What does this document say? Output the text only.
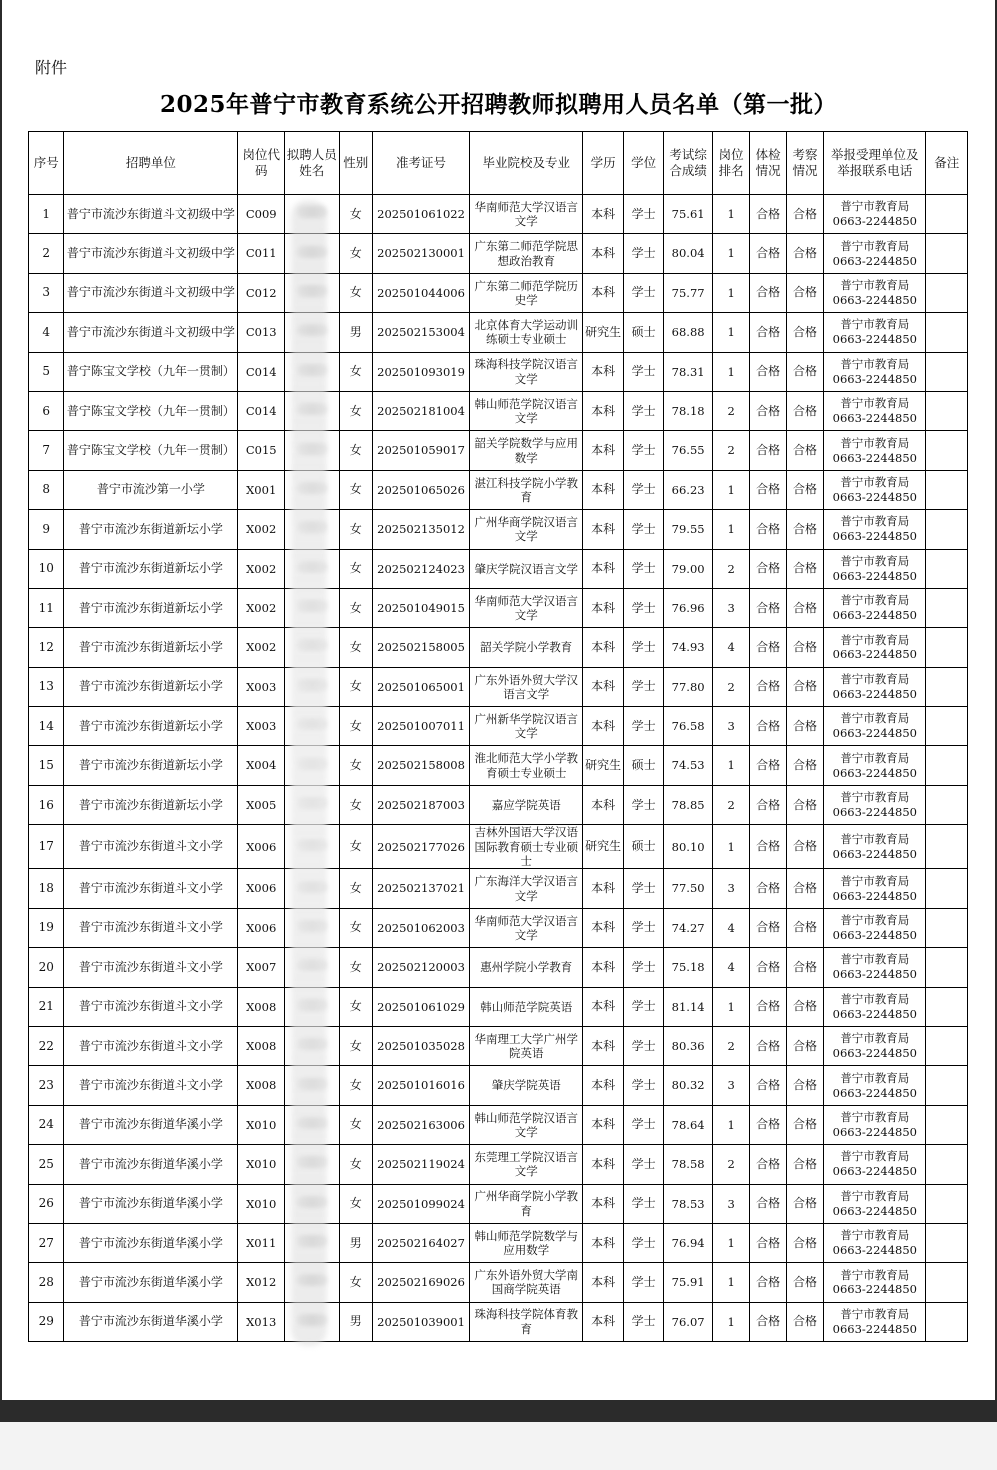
附件
2025年普宁市教育系统公开招聘教师拟聘用人员名单（第一批）
序号	招聘单位	岗位代码	拟聘人员姓名	性别	准考证号	毕业院校及专业	学历	学位	考试综合成绩	岗位排名	体检情况	考察情况	举报受理单位及举报联系电话	备注
1	普宁市流沙东街道斗文初级中学	C009		女	202501061022	华南师范大学汉语言文学	本科	学士	75.61	1	合格	合格	普宁市教育局
0663-2244850	

2	普宁市流沙东街道斗文初级中学	C011		女	202502130001	广东第二师范学院思想政治教育	本科	学士	80.04	1	合格	合格	普宁市教育局
0663-2244850	

3	普宁市流沙东街道斗文初级中学	C012		女	202501044006	广东第二师范学院历史学	本科	学士	75.77	1	合格	合格	普宁市教育局
0663-2244850	

4	普宁市流沙东街道斗文初级中学	C013		男	202502153004	北京体育大学运动训练硕士专业硕士	研究生	硕士	68.88	1	合格	合格	普宁市教育局
0663-2244850	

5	普宁陈宝文学校（九年一贯制）	C014		女	202501093019	珠海科技学院汉语言文学	本科	学士	78.31	1	合格	合格	普宁市教育局
0663-2244850	

6	普宁陈宝文学校（九年一贯制）	C014		女	202502181004	韩山师范学院汉语言文学	本科	学士	78.18	2	合格	合格	普宁市教育局
0663-2244850	

7	普宁陈宝文学校（九年一贯制）	C015		女	202501059017	韶关学院数学与应用数学	本科	学士	76.55	2	合格	合格	普宁市教育局
0663-2244850	

8	普宁市流沙第一小学	X001		女	202501065026	湛江科技学院小学教育	本科	学士	66.23	1	合格	合格	普宁市教育局
0663-2244850	

9	普宁市流沙东街道新坛小学	X002		女	202502135012	广州华商学院汉语言文学	本科	学士	79.55	1	合格	合格	普宁市教育局
0663-2244850	

10	普宁市流沙东街道新坛小学	X002		女	202502124023	肇庆学院汉语言文学	本科	学士	79.00	2	合格	合格	普宁市教育局
0663-2244850	

11	普宁市流沙东街道新坛小学	X002		女	202501049015	华南师范大学汉语言文学	本科	学士	76.96	3	合格	合格	普宁市教育局
0663-2244850	

12	普宁市流沙东街道新坛小学	X002		女	202502158005	韶关学院小学教育	本科	学士	74.93	4	合格	合格	普宁市教育局
0663-2244850	

13	普宁市流沙东街道新坛小学	X003		女	202501065001	广东外语外贸大学汉语言文学	本科	学士	77.80	2	合格	合格	普宁市教育局
0663-2244850	

14	普宁市流沙东街道新坛小学	X003		女	202501007011	广州新华学院汉语言文学	本科	学士	76.58	3	合格	合格	普宁市教育局
0663-2244850	

15	普宁市流沙东街道新坛小学	X004		女	202502158008	淮北师范大学小学教育硕士专业硕士	研究生	硕士	74.53	1	合格	合格	普宁市教育局
0663-2244850	

16	普宁市流沙东街道新坛小学	X005		女	202502187003	嘉应学院英语	本科	学士	78.85	2	合格	合格	普宁市教育局
0663-2244850	

17	普宁市流沙东街道斗文小学	X006		女	202502177026	吉林外国语大学汉语国际教育硕士专业硕士	研究生	硕士	80.10	1	合格	合格	普宁市教育局
0663-2244850	

18	普宁市流沙东街道斗文小学	X006		女	202502137021	广东海洋大学汉语言文学	本科	学士	77.50	3	合格	合格	普宁市教育局
0663-2244850	

19	普宁市流沙东街道斗文小学	X006		女	202501062003	华南师范大学汉语言文学	本科	学士	74.27	4	合格	合格	普宁市教育局
0663-2244850	

20	普宁市流沙东街道斗文小学	X007		女	202502120003	惠州学院小学教育	本科	学士	75.18	4	合格	合格	普宁市教育局
0663-2244850	

21	普宁市流沙东街道斗文小学	X008		女	202501061029	韩山师范学院英语	本科	学士	81.14	1	合格	合格	普宁市教育局
0663-2244850	

22	普宁市流沙东街道斗文小学	X008		女	202501035028	华南理工大学广州学院英语	本科	学士	80.36	2	合格	合格	普宁市教育局
0663-2244850	

23	普宁市流沙东街道斗文小学	X008		女	202501016016	肇庆学院英语	本科	学士	80.32	3	合格	合格	普宁市教育局
0663-2244850	

24	普宁市流沙东街道华溪小学	X010		女	202502163006	韩山师范学院汉语言文学	本科	学士	78.64	1	合格	合格	普宁市教育局
0663-2244850	

25	普宁市流沙东街道华溪小学	X010		女	202502119024	东莞理工学院汉语言文学	本科	学士	78.58	2	合格	合格	普宁市教育局
0663-2244850	

26	普宁市流沙东街道华溪小学	X010		女	202501099024	广州华商学院小学教育	本科	学士	78.53	3	合格	合格	普宁市教育局
0663-2244850	

27	普宁市流沙东街道华溪小学	X011		男	202502164027	韩山师范学院数学与应用数学	本科	学士	76.94	1	合格	合格	普宁市教育局
0663-2244850	

28	普宁市流沙东街道华溪小学	X012		女	202502169026	广东外语外贸大学南国商学院英语	本科	学士	75.91	1	合格	合格	普宁市教育局
0663-2244850	

29	普宁市流沙东街道华溪小学	X013		男	202501039001	珠海科技学院体育教育	本科	学士	76.07	1	合格	合格	普宁市教育局
0663-2244850	
